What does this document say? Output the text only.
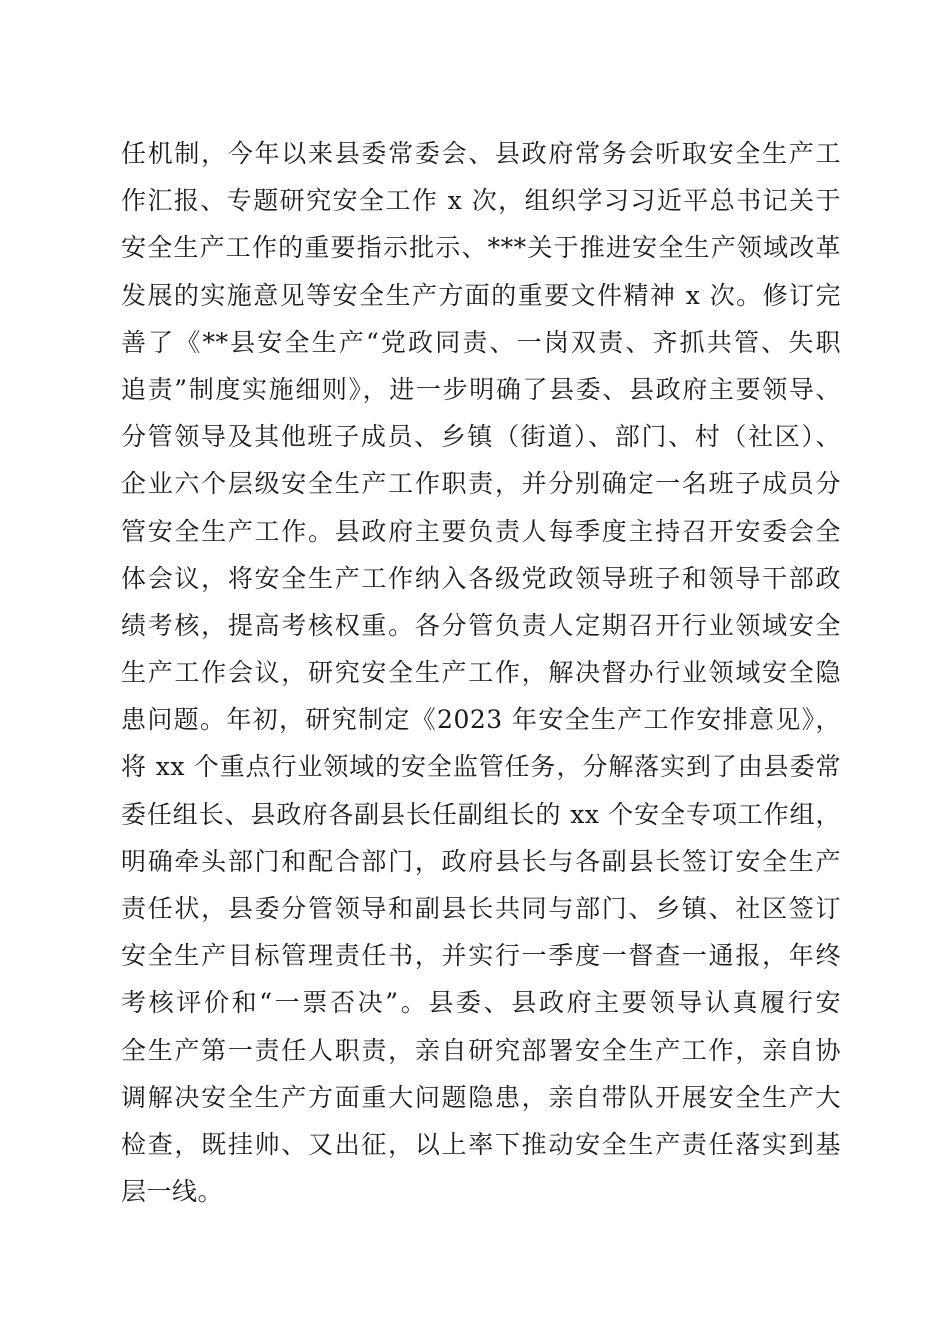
任机制，今年以来县委常委会、县政府常务会听取安全生产工
作汇报、专题研究安全工作 x 次，组织学习习近平总书记关于
安全生产工作的重要指示批示、***关于推进安全生产领域改革
发展的实施意见等安全生产方面的重要文件精神 x 次。修订完
善了《**县安全生产“党政同责、一岗双责、齐抓共管、失职
追责”制度实施细则》，进一步明确了县委、县政府主要领导、
分管领导及其他班子成员、乡镇（街道）、部门、村（社区）、
企业六个层级安全生产工作职责，并分别确定一名班子成员分
管安全生产工作。县政府主要负责人每季度主持召开安委会全
体会议，将安全生产工作纳入各级党政领导班子和领导干部政
绩考核，提高考核权重。各分管负责人定期召开行业领域安全
生产工作会议，研究安全生产工作，解决督办行业领域安全隐
患问题。年初，研究制定《2023 年安全生产工作安排意见》，
将 xx 个重点行业领域的安全监管任务，分解落实到了由县委常
委任组长、县政府各副县长任副组长的 xx 个安全专项工作组，
明确牵头部门和配合部门，政府县长与各副县长签订安全生产
责任状，县委分管领导和副县长共同与部门、乡镇、社区签订
安全生产目标管理责任书，并实行一季度一督查一通报，年终
考核评价和“一票否决”。县委、县政府主要领导认真履行安
全生产第一责任人职责，亲自研究部署安全生产工作，亲自协
调解决安全生产方面重大问题隐患，亲自带队开展安全生产大
检查，既挂帅、又出征，以上率下推动安全生产责任落实到基
层一线。
